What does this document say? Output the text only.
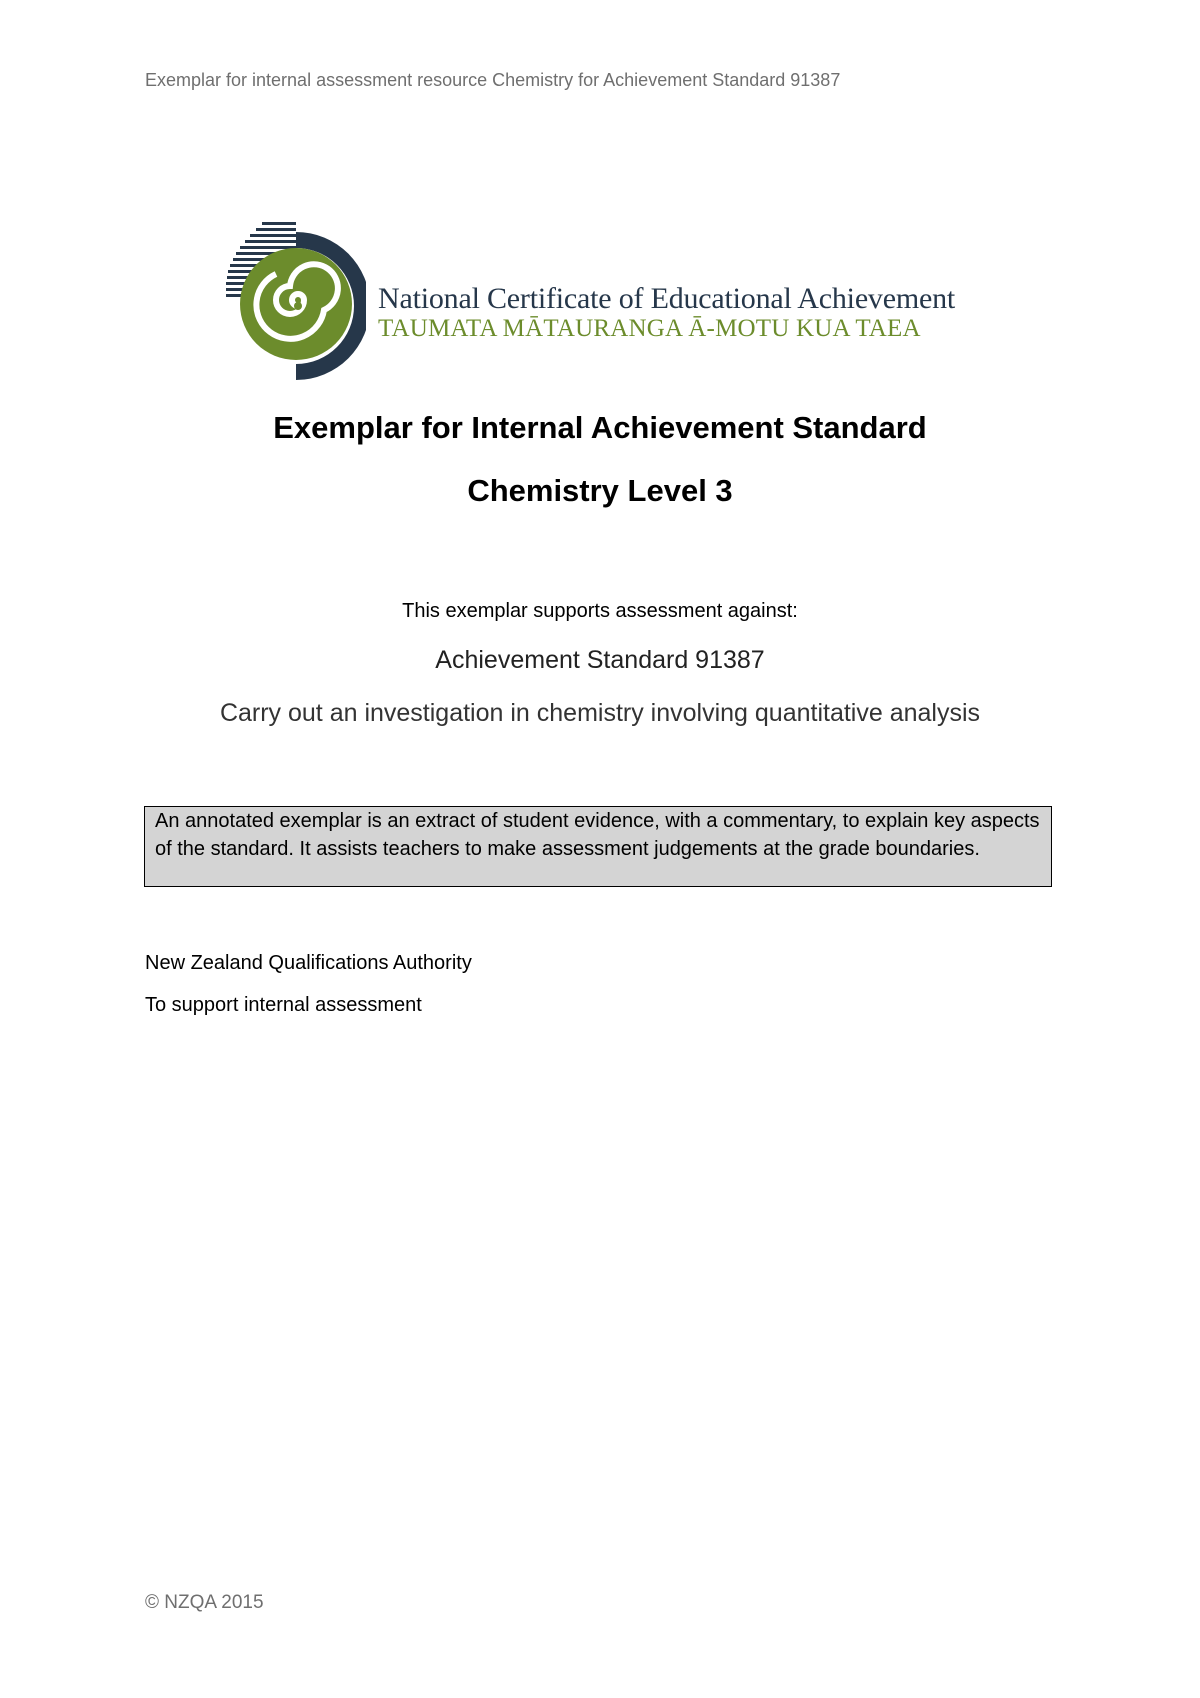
Exemplar for internal assessment resource Chemistry for Achievement Standard 91387
National Certificate of Educational Achievement
TAUMATA MĀTAURANGA Ā-MOTU KUA TAEA
Exemplar for Internal Achievement Standard
Chemistry Level 3
This exemplar supports assessment against:
Achievement Standard 91387
Carry out an investigation in chemistry involving quantitative analysis

An annotated exemplar is an extract of student evidence, with a commentary, to explain key aspects of the standard. It assists teachers to make assessment judgements at the grade boundaries.

New Zealand Qualifications Authority
To support internal assessment
© NZQA 2015
